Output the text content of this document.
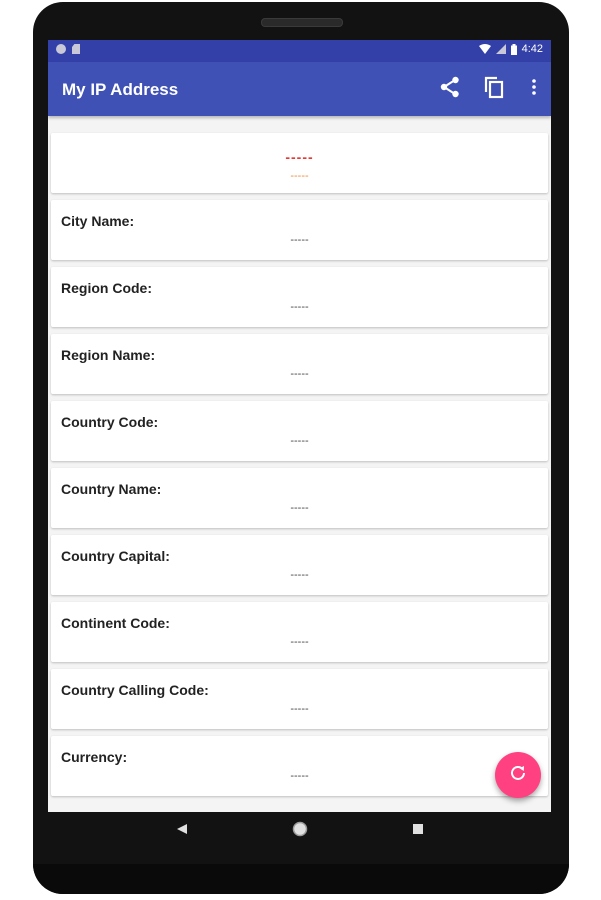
4:42
My IP Address
-----
-----
City Name:
-----
Region Code:
-----
Region Name:
-----
Country Code:
-----
Country Name:
-----
Country Capital:
-----
Continent Code:
-----
Country Calling Code:
-----
Currency:
-----
